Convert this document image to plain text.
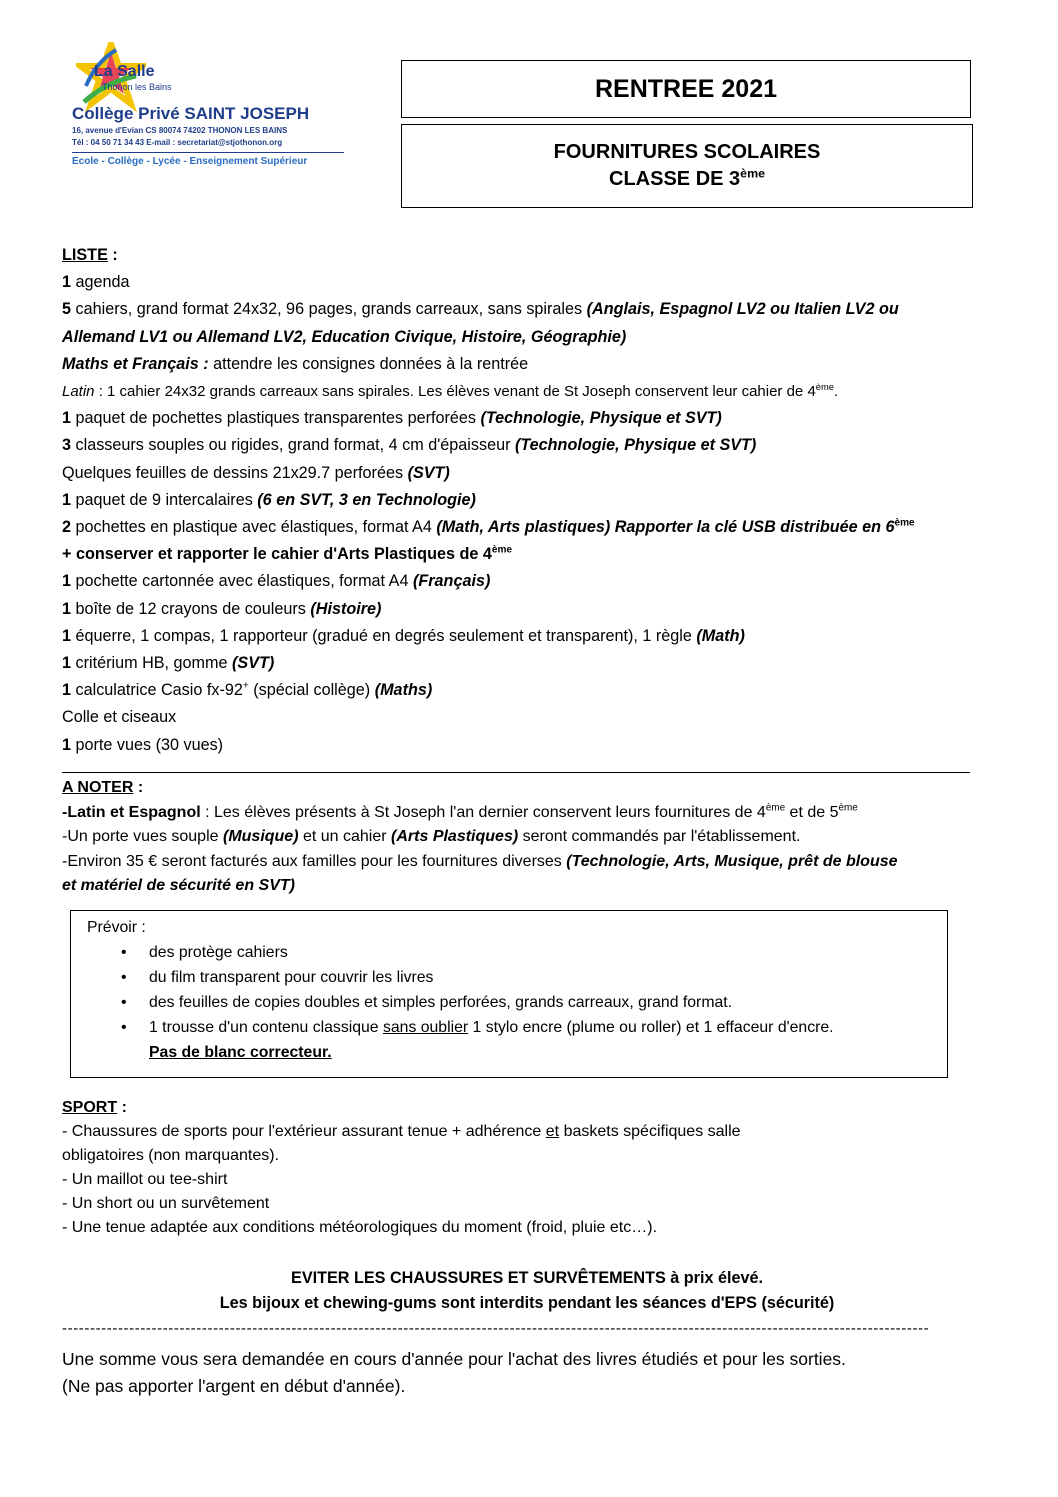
La Salle
Thonon les Bains
Collège Privé SAINT JOSEPH
16, avenue d'Evian CS 80074 74202 THONON LES BAINS
Tél : 04 50 71 34 43 E-mail : secretariat@stjothonon.org
Ecole - Collège - Lycée - Enseignement Supérieur
RENTREE 2021
FOURNITURES SCOLAIRES
CLASSE DE 3ème
LISTE :
1 agenda
5 cahiers, grand format 24x32, 96 pages, grands carreaux, sans spirales (Anglais, Espagnol LV2 ou Italien LV2 ou
Allemand LV1 ou Allemand LV2, Education Civique, Histoire, Géographie)
Maths et Français : attendre les consignes données à la rentrée
Latin : 1 cahier 24x32 grands carreaux sans spirales. Les élèves venant de St Joseph conservent leur cahier de 4ème.
1 paquet de pochettes plastiques transparentes perforées (Technologie, Physique et SVT)
3 classeurs souples ou rigides, grand format, 4 cm d'épaisseur (Technologie, Physique et SVT)
Quelques feuilles de dessins 21x29.7 perforées (SVT)
1 paquet de 9 intercalaires (6 en SVT, 3 en Technologie)
2 pochettes en plastique avec élastiques, format A4 (Math, Arts plastiques) Rapporter la clé USB distribuée en 6ème
+ conserver et rapporter le cahier d'Arts Plastiques de 4ème
1 pochette cartonnée avec élastiques, format A4 (Français)
1 boîte de 12 crayons de couleurs (Histoire)
1 équerre, 1 compas, 1 rapporteur (gradué en degrés seulement et transparent), 1 règle (Math)
1 critérium HB, gomme (SVT)
1 calculatrice Casio fx-92+ (spécial collège) (Maths)
Colle et ciseaux
1 porte vues (30 vues)
A NOTER :
-Latin et Espagnol : Les élèves présents à St Joseph l'an dernier conservent leurs fournitures de 4ème et de 5ème
-Un porte vues souple (Musique) et un cahier (Arts Plastiques) seront commandés par l'établissement.
-Environ 35 € seront facturés aux familles pour les fournitures diverses (Technologie, Arts, Musique, prêt de blouse
et matériel de sécurité en SVT)
Prévoir :
• des protège cahiers
• du film transparent pour couvrir les livres
• des feuilles de copies doubles et simples perforées, grands carreaux, grand format.
• 1 trousse d'un contenu classique sans oublier 1 stylo encre (plume ou roller) et 1 effaceur d'encre.
Pas de blanc correcteur.
SPORT :
- Chaussures de sports pour l'extérieur assurant tenue + adhérence et baskets spécifiques salle
obligatoires (non marquantes).
- Un maillot ou tee-shirt
- Un short ou un survêtement
- Une tenue adaptée aux conditions météorologiques du moment (froid, pluie etc…).
EVITER LES CHAUSSURES ET SURVÊTEMENTS à prix élevé.
Les bijoux et chewing-gums sont interdits pendant les séances d'EPS (sécurité)
-----------------------------------------------------------------------------------------------------------------------------------------------------------
Une somme vous sera demandée en cours d'année pour l'achat des livres étudiés et pour les sorties.
(Ne pas apporter l'argent en début d'année).
